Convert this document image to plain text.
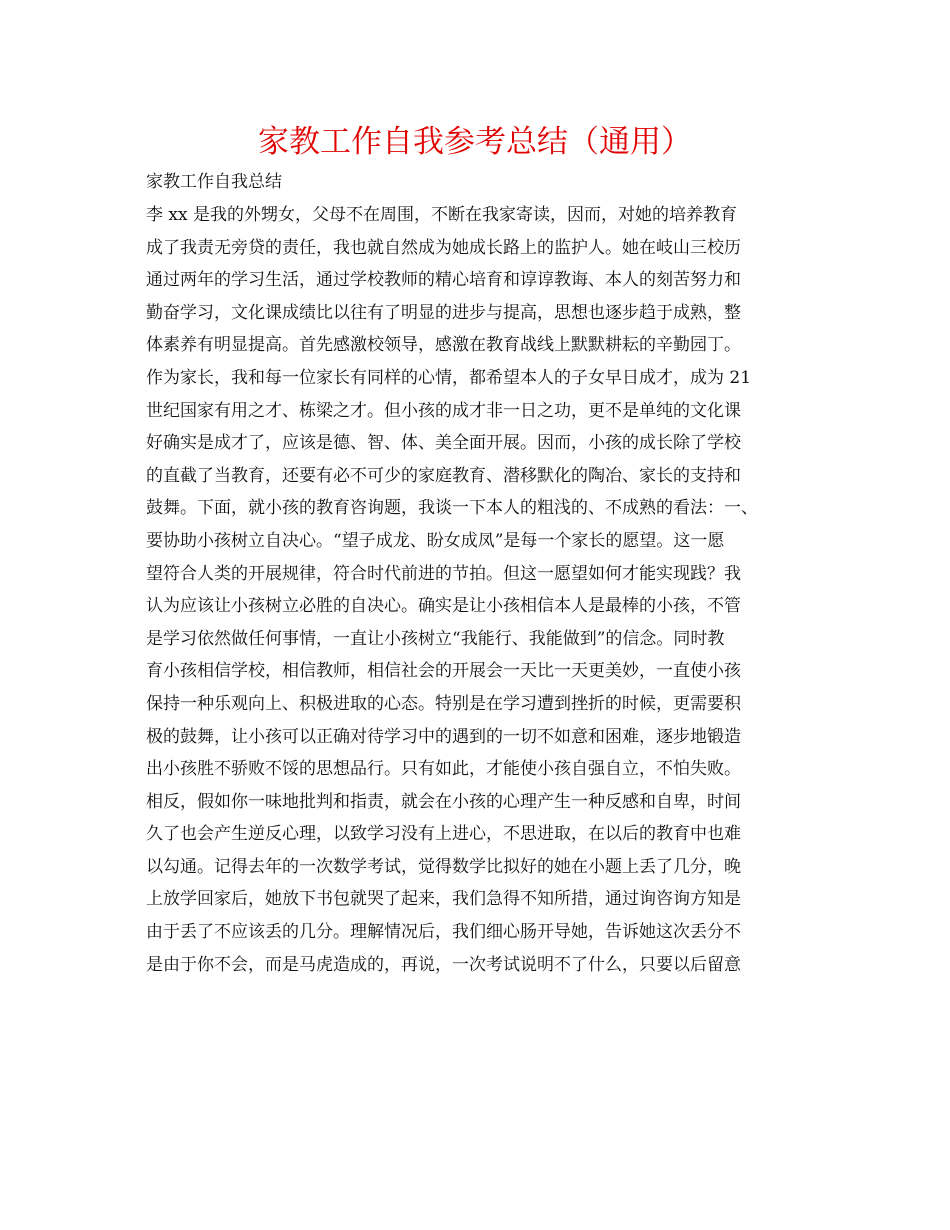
家教工作自我参考总结（通用）
家教工作自我总结
李 xx 是我的外甥女，父母不在周围，不断在我家寄读，因而，对她的培养教育
成了我责无旁贷的责任，我也就自然成为她成长路上的监护人。她在岐山三校历
通过两年的学习生活，通过学校教师的精心培育和谆谆教诲、本人的刻苦努力和
勤奋学习，文化课成绩比以往有了明显的进步与提高，思想也逐步趋于成熟，整
体素养有明显提高。首先感激校领导，感激在教育战线上默默耕耘的辛勤园丁。
作为家长，我和每一位家长有同样的心情，都希望本人的子女早日成才，成为 21
世纪国家有用之才、栋梁之才。但小孩的成才非一日之功，更不是单纯的文化课
好确实是成才了，应该是德、智、体、美全面开展。因而，小孩的成长除了学校
的直截了当教育，还要有必不可少的家庭教育、潜移默化的陶冶、家长的支持和
鼓舞。下面，就小孩的教育咨询题，我谈一下本人的粗浅的、不成熟的看法：一、
要协助小孩树立自决心。“望子成龙、盼女成凤”是每一个家长的愿望。这一愿
望符合人类的开展规律，符合时代前进的节拍。但这一愿望如何才能实现践？我
认为应该让小孩树立必胜的自决心。确实是让小孩相信本人是最棒的小孩，不管
是学习依然做任何事情，一直让小孩树立“我能行、我能做到”的信念。同时教
育小孩相信学校，相信教师，相信社会的开展会一天比一天更美妙，一直使小孩
保持一种乐观向上、积极进取的心态。特别是在学习遭到挫折的时候，更需要积
极的鼓舞，让小孩可以正确对待学习中的遇到的一切不如意和困难，逐步地锻造
出小孩胜不骄败不馁的思想品行。只有如此，才能使小孩自强自立，不怕失败。
相反，假如你一味地批判和指责，就会在小孩的心理产生一种反感和自卑，时间
久了也会产生逆反心理，以致学习没有上进心，不思进取，在以后的教育中也难
以勾通。记得去年的一次数学考试，觉得数学比拟好的她在小题上丢了几分，晚
上放学回家后，她放下书包就哭了起来，我们急得不知所措，通过询咨询方知是
由于丢了不应该丢的几分。理解情况后，我们细心肠开导她，告诉她这次丢分不
是由于你不会，而是马虎造成的，再说，一次考试说明不了什么，只要以后留意
